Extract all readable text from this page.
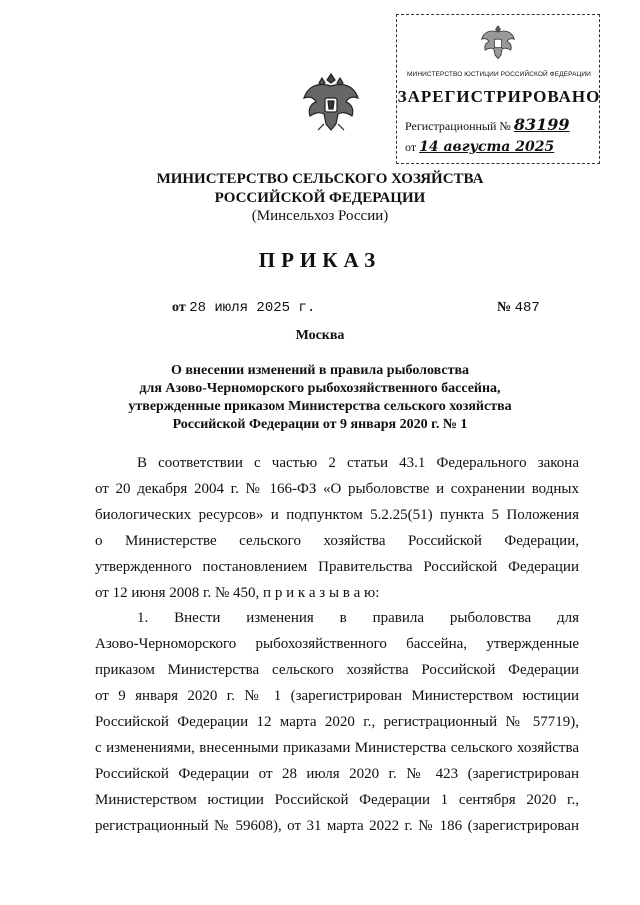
МИНИСТЕРСТВО ЮСТИЦИИ РОССИЙСКОЙ ФЕДЕРАЦИИ
ЗАРЕГИСТРИРОВАНО
Регистрационный № 83199
от 14 августа 2025
МИНИСТЕРСТВО СЕЛЬСКОГО ХОЗЯЙСТВА
РОССИЙСКОЙ ФЕДЕРАЦИИ
(Минсельхоз России)
ПРИКАЗ
от 28 июля 2025 г.	№ 487
Москва
О внесении изменений в правила рыболовства
для Азово-Черноморского рыбохозяйственного бассейна,
утвержденные приказом Министерства сельского хозяйства
Российской Федерации от 9 января 2020 г. № 1
В соответствии с частью 2 статьи 43.1 Федерального закона
от 20 декабря 2004 г. № 166-ФЗ «О рыболовстве и сохранении водных
биологических ресурсов» и подпунктом 5.2.25(51) пункта 5 Положения
о Министерстве сельского хозяйства Российской Федерации,
утвержденного постановлением Правительства Российской Федерации
от 12 июня 2008 г. № 450, п р и к а з ы в а ю:
1. Внести изменения в правила рыболовства для
Азово-Черноморского рыбохозяйственного бассейна, утвержденные
приказом Министерства сельского хозяйства Российской Федерации
от 9 января 2020 г. № 1 (зарегистрирован Министерством юстиции
Российской Федерации 12 марта 2020 г., регистрационный № 57719),
с изменениями, внесенными приказами Министерства сельского хозяйства
Российской Федерации от 28 июля 2020 г. № 423 (зарегистрирован
Министерством юстиции Российской Федерации 1 сентября 2020 г.,
регистрационный № 59608), от 31 марта 2022 г. № 186 (зарегистрирован
